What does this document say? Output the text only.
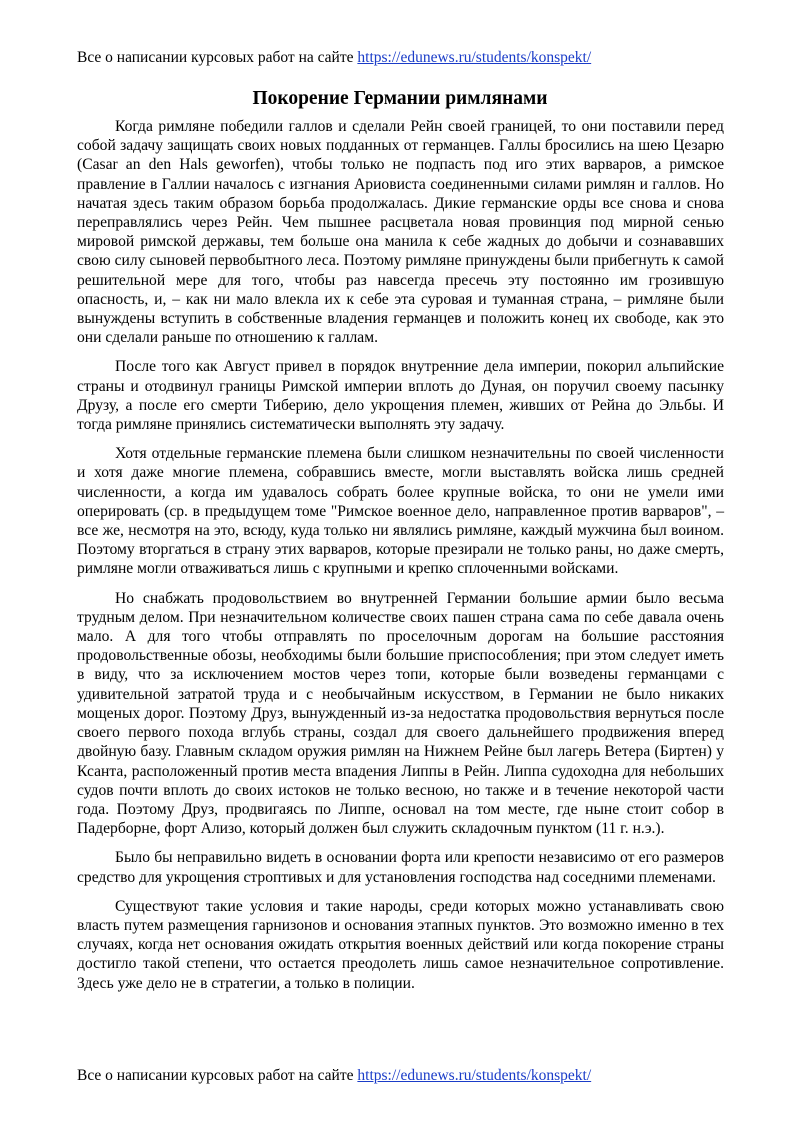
Все о написании курсовых работ на сайте https://edunews.ru/students/konspekt/
Покорение Германии римлянами

Когда римляне победили галлов и сделали Рейн своей границей, то они поставили перед собой задачу защищать своих новых подданных от германцев. Галлы бросились на шею Цезарю (Casar an den Hals geworfen), чтобы только не подпасть под иго этих варваров, а римское правление в Галлии началось с изгнания Ариовиста соединенными силами римлян и галлов. Но начатая здесь таким образом борьба продолжалась. Дикие германские орды все снова и снова переправлялись через Рейн. Чем пышнее расцветала новая провинция под мирной сенью мировой римской державы, тем больше она манила к себе жадных до добычи и сознававших свою силу сыновей первобытного леса. Поэтому римляне принуждены были прибегнуть к самой решительной мере для того, чтобы раз навсегда пресечь эту постоянно им грозившую опасность, и, – как ни мало влекла их к себе эта суровая и туманная страна, – римляне были вынуждены вступить в собственные владения германцев и положить конец их свободе, как это они сделали раньше по отношению к галлам.

После того как Август привел в порядок внутренние дела империи, покорил альпийские страны и отодвинул границы Римской империи вплоть до Дуная, он поручил своему пасынку Друзу, а после его смерти Тиберию, дело укрощения племен, живших от Рейна до Эльбы. И тогда римляне принялись систематически выполнять эту задачу.

Хотя отдельные германские племена были слишком незначительны по своей численности и хотя даже многие племена, собравшись вместе, могли выставлять войска лишь средней численности, а когда им удавалось собрать более крупные войска, то они не умели ими оперировать (ср. в предыдущем томе "Римское военное дело, направленное против варваров", – все же, несмотря на это, всюду, куда только ни являлись римляне, каждый мужчина был воином. Поэтому вторгаться в страну этих варваров, которые презирали не только раны, но даже смерть, римляне могли отваживаться лишь с крупными и крепко сплоченными войсками.

Но снабжать продовольствием во внутренней Германии большие армии было весьма трудным делом. При незначительном количестве своих пашен страна сама по себе давала очень мало. А для того чтобы отправлять по проселочным дорогам на большие расстояния продовольственные обозы, необходимы были большие приспособления; при этом следует иметь в виду, что за исключением мостов через топи, которые были возведены германцами с удивительной затратой труда и с необычайным искусством, в Германии не было никаких мощеных дорог. Поэтому Друз, вынужденный из-за недостатка продовольствия вернуться после своего первого похода вглубь страны, создал для своего дальнейшего продвижения вперед двойную базу. Главным складом оружия римлян на Нижнем Рейне был лагерь Ветера (Биртен) у Ксанта, расположенный против места впадения Липпы в Рейн. Липпа судоходна для небольших судов почти вплоть до своих истоков не только весною, но также и в течение некоторой части года. Поэтому Друз, продвигаясь по Липпе, основал на том месте, где ныне стоит собор в Падерборне, форт Ализо, который должен был служить складочным пунктом (11 г. н.э.).

Было бы неправильно видеть в основании форта или крепости независимо от его размеров средство для укрощения строптивых и для установления господства над соседними племенами.

Существуют такие условия и такие народы, среди которых можно устанавливать свою власть путем размещения гарнизонов и основания этапных пунктов. Это возможно именно в тех случаях, когда нет основания ожидать открытия военных действий или когда покорение страны достигло такой степени, что остается преодолеть лишь самое незначительное сопротивление. Здесь уже дело не в стратегии, а только в полиции.

Все о написании курсовых работ на сайте https://edunews.ru/students/konspekt/
